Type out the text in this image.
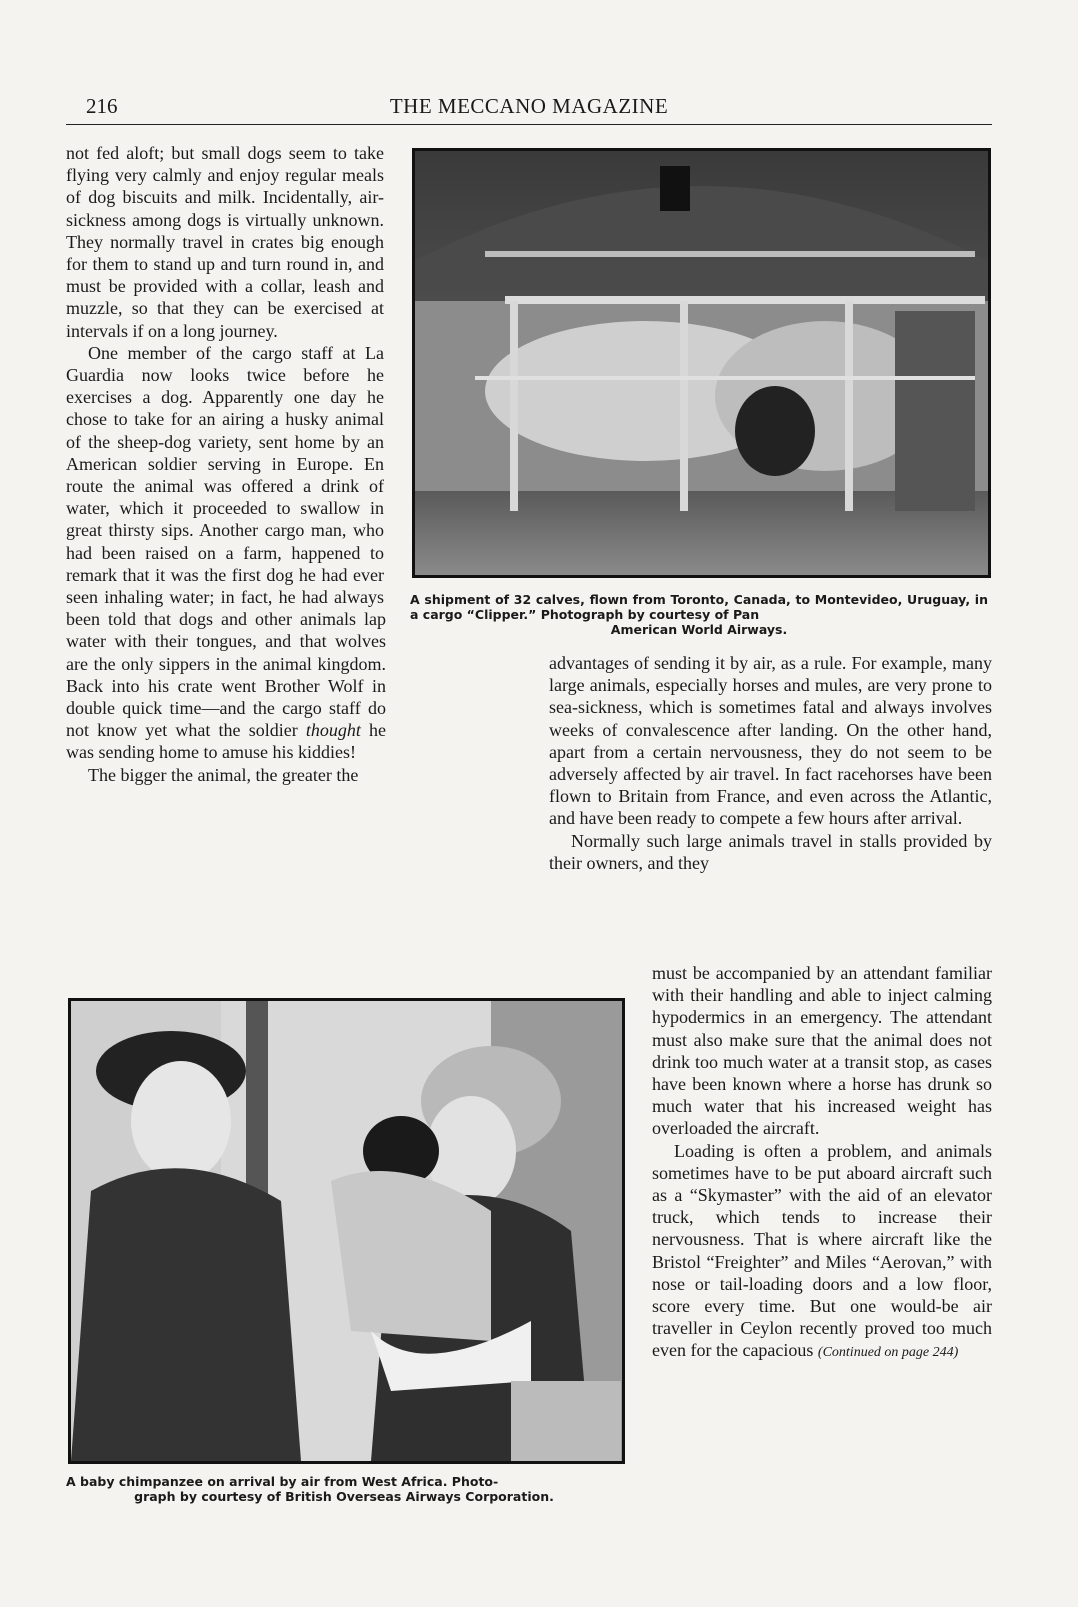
216	THE MECCANO MAGAZINE

not fed aloft; but small dogs seem to take flying very calmly and enjoy regular meals of dog biscuits and milk. Incidentally, air-sickness among dogs is virtually unknown. They normally travel in crates big enough for them to stand up and turn round in, and must be provided with a collar, leash and muzzle, so that they can be exercised at intervals if on a long journey.

One member of the cargo staff at La Guardia now looks twice before he exercises a dog. Apparently one day he chose to take for an airing a husky animal of the sheep-dog variety, sent home by an American soldier serving in Europe. En route the animal was offered a drink of water, which it proceeded to swallow in great thirsty sips. Another cargo man, who had been raised on a farm, happened to remark that it was the first dog he had ever seen inhaling water; in fact, he had always been told that dogs and other animals lap water with their tongues, and that wolves are the only sippers in the animal kingdom. Back into his crate went Brother Wolf in double quick time—and the cargo staff do not know yet what the soldier thought he was sending home to amuse his kiddies!

The bigger the animal, the greater the

A shipment of 32 calves, flown from Toronto, Canada, to Montevideo, Uruguay, in a cargo “Clipper.” Photograph by courtesy of Pan
American World Airways.

advantages of sending it by air, as a rule. For example, many large animals, especially horses and mules, are very prone to sea-sickness, which is sometimes fatal and always involves weeks of convalescence after landing. On the other hand, apart from a certain nervousness, they do not seem to be adversely affected by air travel. In fact racehorses have been flown to Britain from France, and even across the Atlantic, and have been ready to compete a few hours after arrival.

Normally such large animals travel in stalls provided by their owners, and they

A baby chimpanzee on arrival by air from West Africa. Photo-
graph by courtesy of British Overseas Airways Corporation.

must be accompanied by an attendant familiar with their handling and able to inject calming hypodermics in an emergency. The attendant must also make sure that the animal does not drink too much water at a transit stop, as cases have been known where a horse has drunk so much water that his increased weight has overloaded the aircraft.

Loading is often a problem, and animals sometimes have to be put aboard aircraft such as a “Skymaster” with the aid of an elevator truck, which tends to increase their nervousness. That is where aircraft like the Bristol “Freighter” and Miles “Aerovan,” with nose or tail-loading doors and a low floor, score every time. But one would-be air traveller in Ceylon recently proved too much even for the capacious (Continued on page 244)
